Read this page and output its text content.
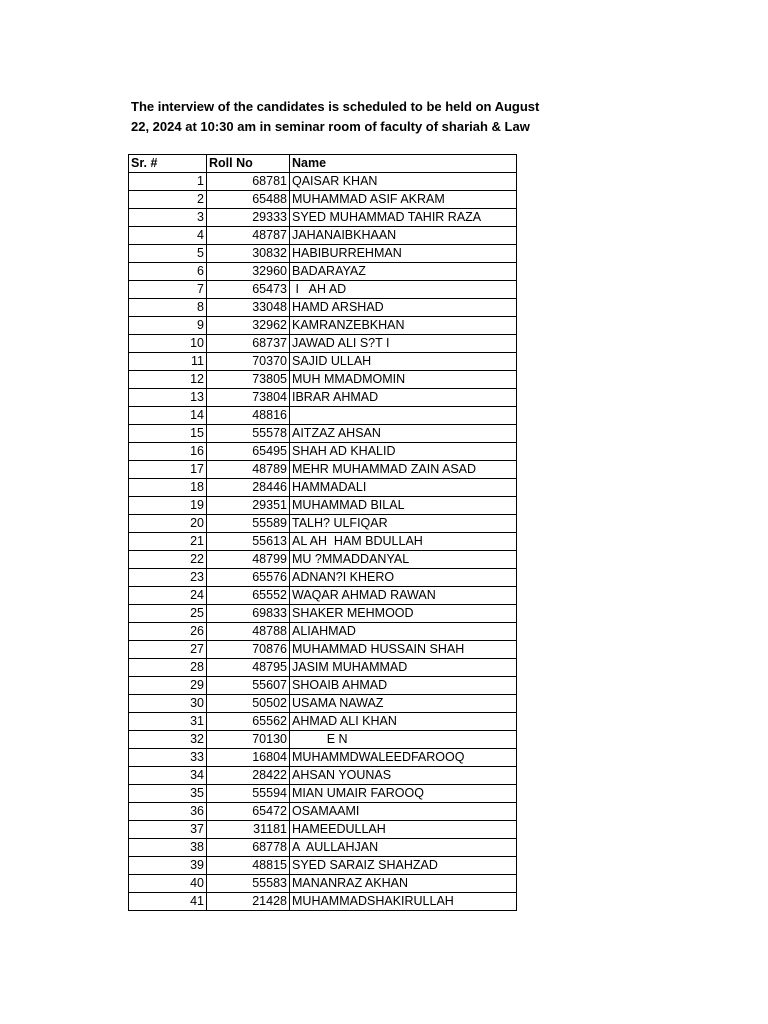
The interview of the candidates is scheduled to be held on August
22, 2024 at 10:30 am in seminar room of faculty of shariah & Law
Sr. #	Roll No	Name
1	68781	QAISAR KHAN
2	65488	MUHAMMAD ASIF AKRAM
3	29333	SYED MUHAMMAD TAHIR RAZA
4	48787	JAHANAIBKHAAN
5	30832	HABIBURREHMAN
6	32960	BADARAYAZ
7	65473	I   AH AD
8	33048	HAMD ARSHAD
9	32962	KAMRANZEBKHAN
10	68737	JAWAD ALI S?T I
11	70370	SAJID ULLAH
12	73805	MUH MMADMOMIN
13	73804	IBRAR AHMAD
14	48816	
15	55578	AITZAZ AHSAN
16	65495	SHAH AD KHALID
17	48789	MEHR MUHAMMAD ZAIN ASAD
18	28446	HAMMADALI
19	29351	MUHAMMAD BILAL
20	55589	TALH? ULFIQAR
21	55613	AL AH  HAM BDULLAH
22	48799	MU ?MMADDANYAL
23	65576	ADNAN?I KHERO
24	65552	WAQAR AHMAD RAWAN
25	69833	SHAKER MEHMOOD
26	48788	ALIAHMAD
27	70876	MUHAMMAD HUSSAIN SHAH
28	48795	JASIM MUHAMMAD
29	55607	SHOAIB AHMAD
30	50502	USAMA NAWAZ
31	65562	AHMAD ALI KHAN
32	70130	E N
33	16804	MUHAMMDWALEEDFAROOQ
34	28422	AHSAN YOUNAS
35	55594	MIAN UMAIR FAROOQ
36	65472	OSAMAAMI
37	31181	HAMEEDULLAH
38	68778	A  AULLAHJAN
39	48815	SYED SARAIZ SHAHZAD
40	55583	MANANRAZ AKHAN
41	21428	MUHAMMADSHAKIRULLAH
